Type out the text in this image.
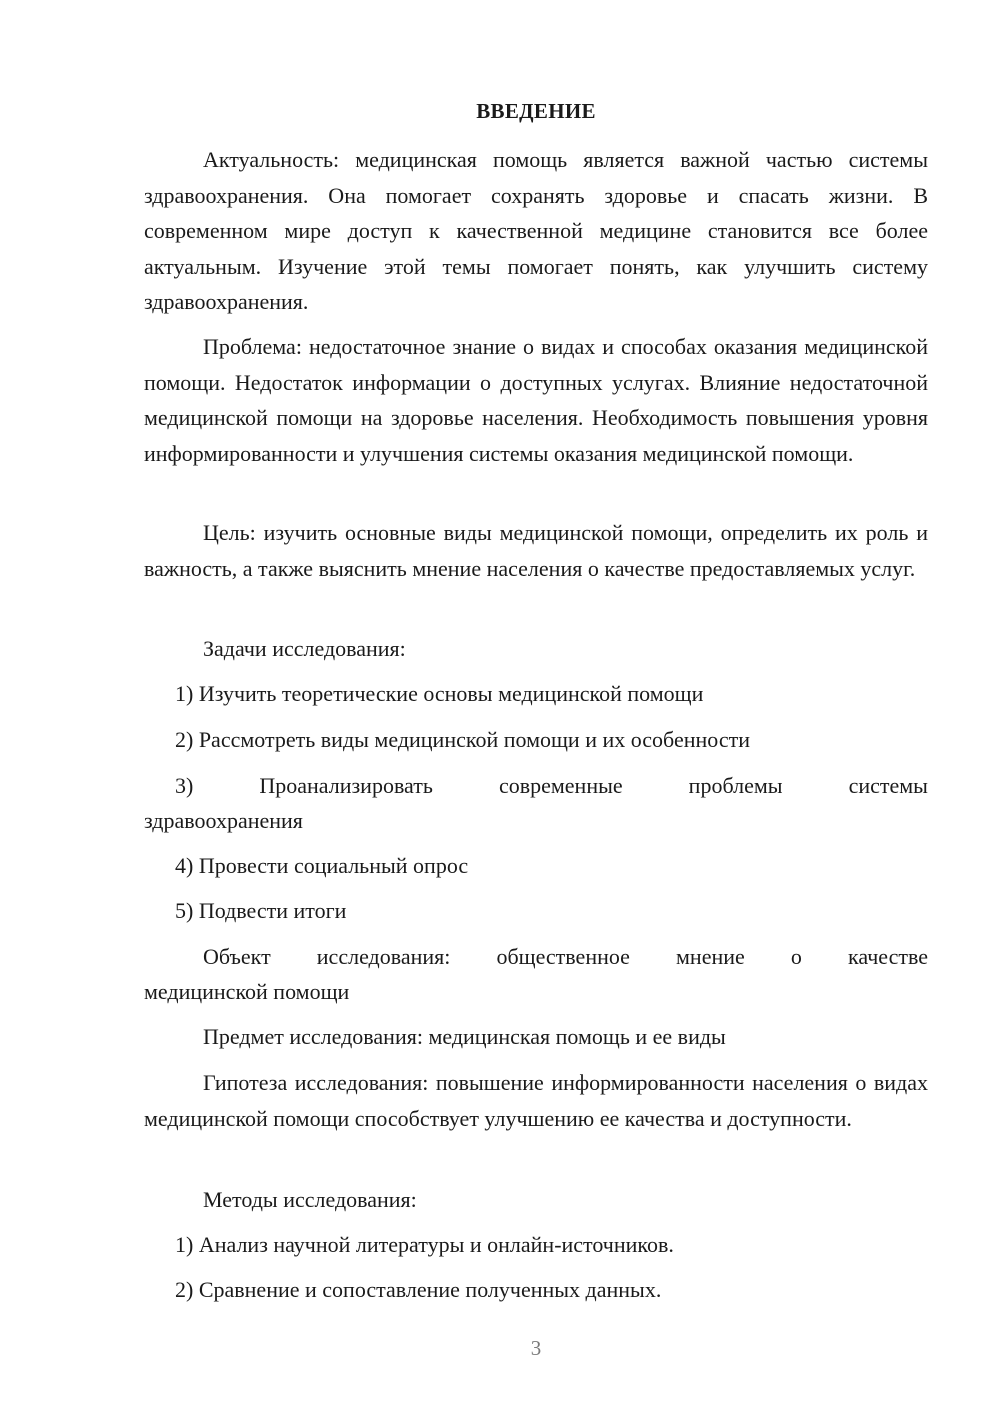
ВВЕДЕНИЕ
Актуальность: медицинская помощь является важной частью системы здравоохранения. Она помогает сохранять здоровье и спасать жизни. В современном мире доступ к качественной медицине становится все более актуальным. Изучение этой темы помогает понять, как улучшить систему здравоохранения.
Проблема: недостаточное знание о видах и способах оказания медицинской помощи. Недостаток информации о доступных услугах. Влияние недостаточной медицинской помощи на здоровье населения. Необходимость повышения уровня информированности и улучшения системы оказания медицинской помощи.
Цель: изучить основные виды медицинской помощи, определить их роль и важность, а также выяснить мнение населения о качестве предоставляемых услуг.
Задачи исследования:
1) Изучить теоретические основы медицинской помощи
2) Рассмотреть виды медицинской помощи и их особенности
3)	Проанализировать	современные	проблемы	системы
здравоохранения
4) Провести социальный опрос
5) Подвести итоги
Объект исследования: общественное мнение о качестве
медицинской помощи
Предмет исследования: медицинская помощь и ее виды
Гипотеза исследования: повышение информированности населения о видах медицинской помощи способствует улучшению ее качества и доступности.
Методы исследования:
1) Анализ научной литературы и онлайн-источников.
2) Сравнение и сопоставление полученных данных.
3
